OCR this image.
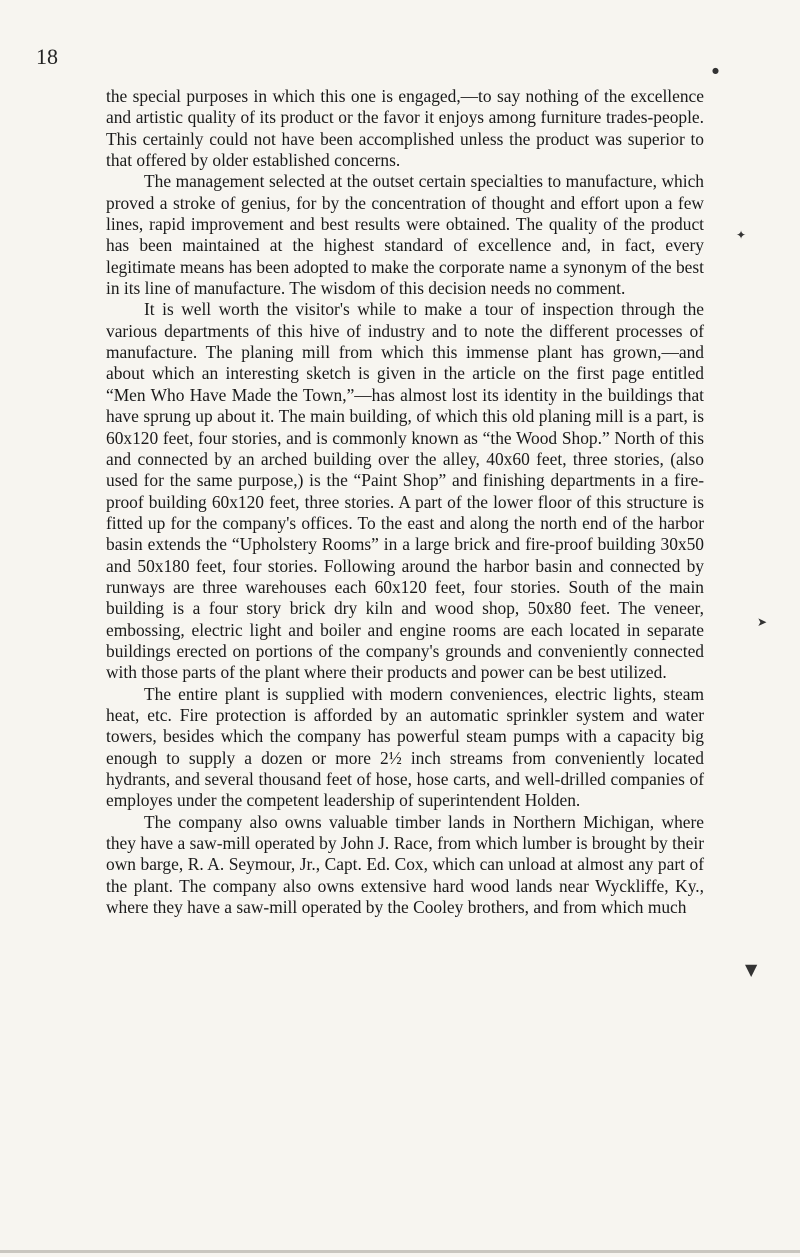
18

the special purposes in which this one is engaged,—to say nothing of the excellence and artistic quality of its product or the favor it enjoys among furniture trades-people. This certainly could not have been accomplished unless the product was superior to that offered by older established concerns.

The management selected at the outset certain specialties to manufacture, which proved a stroke of genius, for by the concentration of thought and effort upon a few lines, rapid improvement and best results were obtained. The quality of the product has been maintained at the highest standard of excellence and, in fact, every legitimate means has been adopted to make the corporate name a synonym of the best in its line of manufacture. The wisdom of this decision needs no comment.

It is well worth the visitor's while to make a tour of inspection through the various departments of this hive of industry and to note the different processes of manufacture. The planing mill from which this immense plant has grown,—and about which an interesting sketch is given in the article on the first page entitled “Men Who Have Made the Town,”—has almost lost its identity in the buildings that have sprung up about it. The main building, of which this old planing mill is a part, is 60x120 feet, four stories, and is commonly known as “the Wood Shop.” North of this and connected by an arched building over the alley, 40x60 feet, three stories, (also used for the same purpose,) is the “Paint Shop” and finishing departments in a fire-proof building 60x120 feet, three stories. A part of the lower floor of this structure is fitted up for the company's offices. To the east and along the north end of the harbor basin extends the “Upholstery Rooms” in a large brick and fire-proof building 30x50 and 50x180 feet, four stories. Following around the harbor basin and connected by runways are three warehouses each 60x120 feet, four stories. South of the main building is a four story brick dry kiln and wood shop, 50x80 feet. The veneer, embossing, electric light and boiler and engine rooms are each located in separate buildings erected on portions of the company's grounds and conveniently connected with those parts of the plant where their products and power can be best utilized.

The entire plant is supplied with modern conveniences, electric lights, steam heat, etc. Fire protection is afforded by an automatic sprinkler system and water towers, besides which the company has powerful steam pumps with a capacity big enough to supply a dozen or more 2½ inch streams from conveniently located hydrants, and several thousand feet of hose, hose carts, and well-drilled companies of employes under the competent leadership of superintendent Holden.

The company also owns valuable timber lands in Northern Michigan, where they have a saw-mill operated by John J. Race, from which lumber is brought by their own barge, R. A. Seymour, Jr., Capt. Ed. Cox, which can unload at almost any part of the plant. The company also owns extensive hard wood lands near Wyckliffe, Ky., where they have a saw-mill operated by the Cooley brothers, and from which much

✦
➤
▼
●
